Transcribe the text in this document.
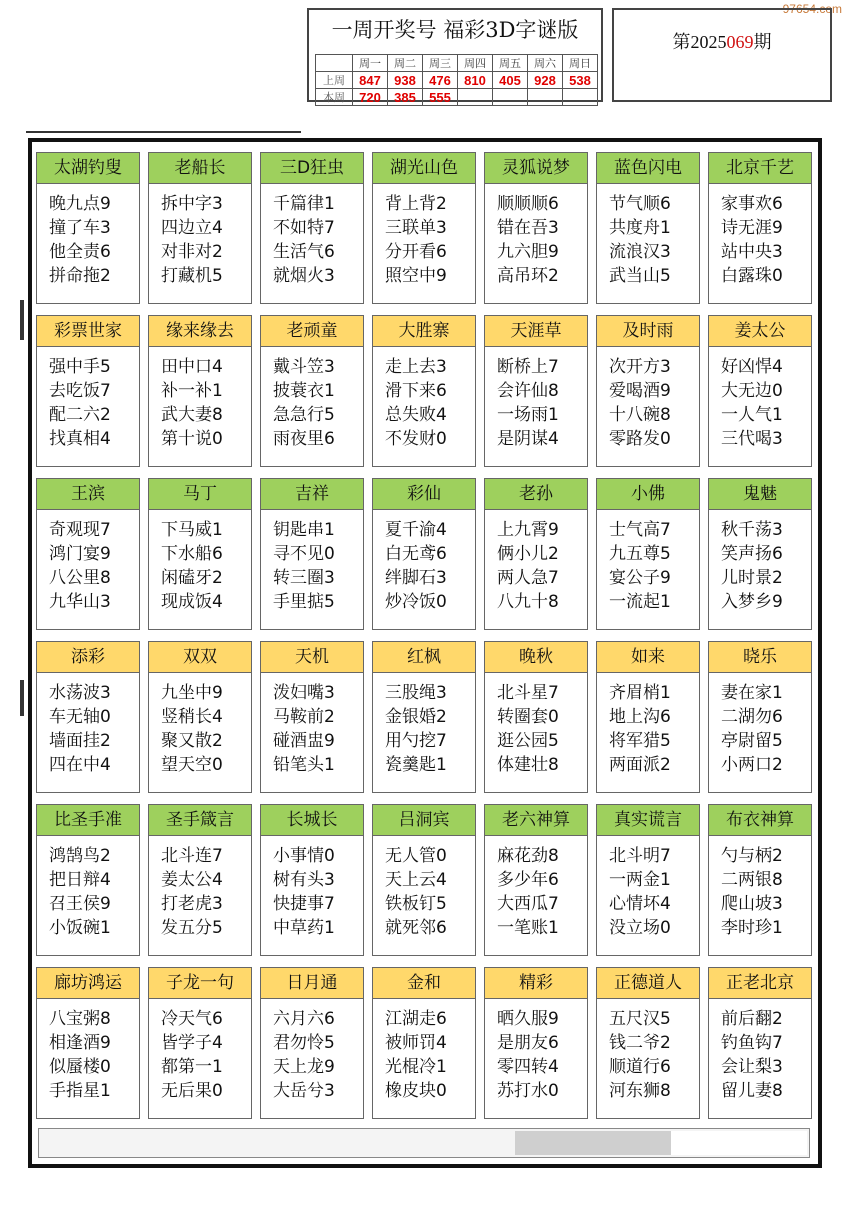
97654.com
一周开奖号 福彩3D字谜版
	周一	周二	周三	周四	周五	周六	周日
上周	847	938	476	810	405	928	538
本周	720	385	555				
第2025069期
太湖钓叟
晚九点9
撞了车3
他全责6
拼命拖2
老船长
拆中字3
四边立4
对非对2
打藏机5
三D狂虫
千篇律1
不如特7
生活气6
就烟火3
湖光山色
背上背2
三联单3
分开看6
照空中9
灵狐说梦
顺顺顺6
错在吾3
九六胆9
高吊环2
蓝色闪电
节气顺6
共度舟1
流浪汉3
武当山5
北京千艺
家事欢6
诗无涯9
站中央3
白露珠0
彩票世家
强中手5
去吃饭7
配二六2
找真相4
缘来缘去
田中口4
补一补1
武大妻8
第十说0
老顽童
戴斗笠3
披蓑衣1
急急行5
雨夜里6
大胜寨
走上去3
滑下来6
总失败4
不发财0
天涯草
断桥上7
会许仙8
一场雨1
是阴谋4
及时雨
次开方3
爱喝酒9
十八碗8
零路发0
姜太公
好凶悍4
大无边0
一人气1
三代喝3
王滨
奇观现7
鸿门宴9
八公里8
九华山3
马丁
下马威1
下水船6
闲磕牙2
现成饭4
吉祥
钥匙串1
寻不见0
转三圈3
手里掂5
彩仙
夏千渝4
白无鸢6
绊脚石3
炒冷饭0
老孙
上九霄9
俩小儿2
两人急7
八九十8
小佛
士气高7
九五尊5
宴公子9
一流起1
鬼魅
秋千荡3
笑声扬6
儿时景2
入梦乡9
添彩
水荡波3
车无轴0
墙面挂2
四在中4
双双
九坐中9
竖稍长4
聚又散2
望天空0
天机
泼妇嘴3
马鞍前2
碰酒盅9
铅笔头1
红枫
三股绳3
金银婚2
用勺挖7
瓷羹匙1
晚秋
北斗星7
转圈套0
逛公园5
体建壮8
如来
齐眉梢1
地上沟6
将军猎5
两面派2
晓乐
妻在家1
二湖勿6
亭尉留5
小两口2
比圣手准
鸿鹄鸟2
把日辩4
召王侯9
小饭碗1
圣手箴言
北斗连7
姜太公4
打老虎3
发五分5
长城长
小事情0
树有头3
快捷事7
中草药1
吕洞宾
无人管0
天上云4
铁板钉5
就死邻6
老六神算
麻花劲8
多少年6
大西瓜7
一笔账1
真实谎言
北斗明7
一两金1
心情坏4
没立场0
布衣神算
勺与柄2
二两银8
爬山坡3
李时珍1
廊坊鸿运
八宝粥8
相逢酒9
似蜃楼0
手指星1
子龙一句
冷天气6
皆学子4
都第一1
无后果0
日月通
六月六6
君勿怜5
天上龙9
大岳兮3
金和
江湖走6
被师罚4
光棍冷1
橡皮块0
精彩
晒久服9
是朋友6
零四转4
苏打水0
正德道人
五尺汉5
钱二爷2
顺道行6
河东狮8
正老北京
前后翻2
钓鱼钩7
会让梨3
留儿妻8
